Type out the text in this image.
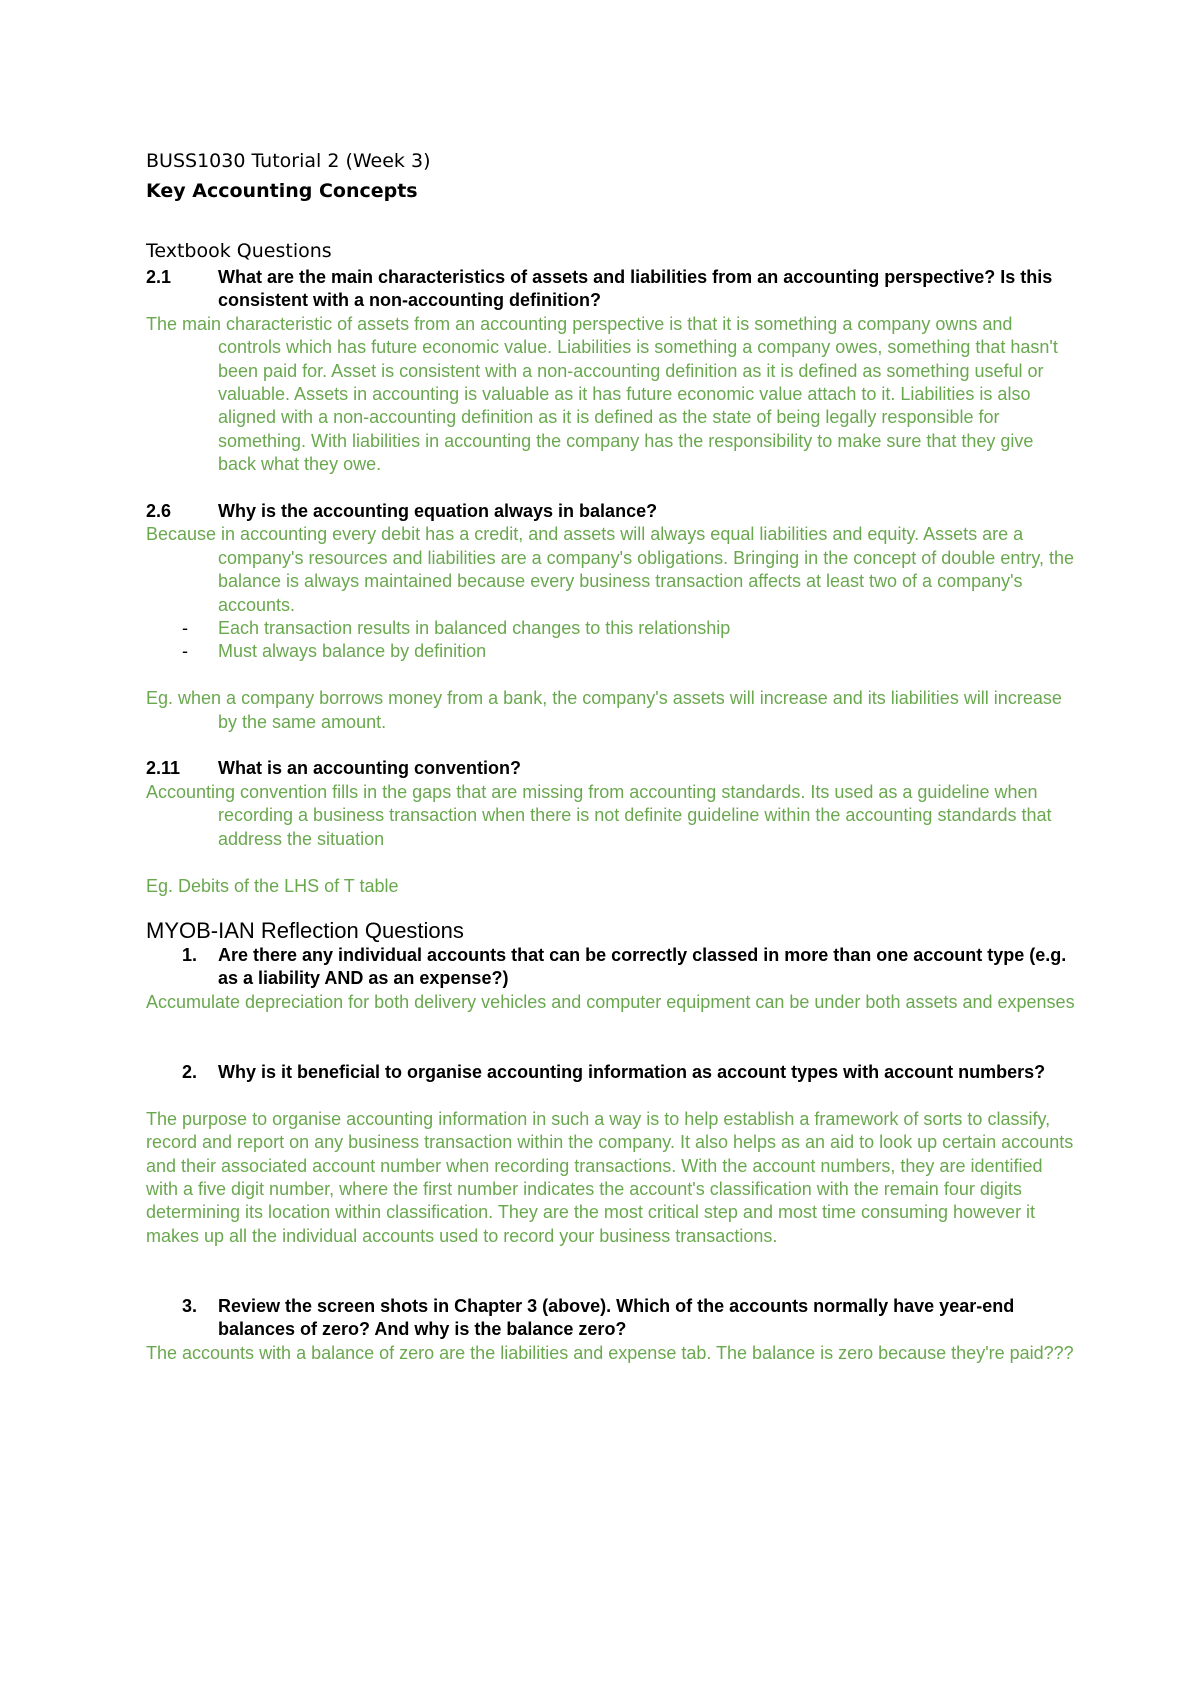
BUSS1030 Tutorial 2 (Week 3)
Key Accounting Concepts
Textbook Questions
2.1	What are the main characteristics of assets and liabilities from an accounting perspective? Is this consistent with a non-accounting definition?
The main characteristic of assets from an accounting perspective is that it is something a company owns and controls which has future economic value. Liabilities is something a company owes, something that hasn't been paid for. Asset is consistent with a non-accounting definition as it is defined as something useful or valuable. Assets in accounting is valuable as it has future economic value attach to it. Liabilities is also aligned with a non-accounting definition as it is defined as the state of being legally responsible for something. With liabilities in accounting the company has the responsibility to make sure that they give back what they owe.
2.6	Why is the accounting equation always in balance?
Because in accounting every debit has a credit, and assets will always equal liabilities and equity. Assets are a company's resources and liabilities are a company's obligations. Bringing in the concept of double entry, the balance is always maintained because every business transaction affects at least two of a company's accounts.
-	Each transaction results in balanced changes to this relationship
-	Must always balance by definition
Eg. when a company borrows money from a bank, the company's assets will increase and its liabilities will increase by the same amount.
2.11	What is an accounting convention?
Accounting convention fills in the gaps that are missing from accounting standards. Its used as a guideline when recording a business transaction when there is not definite guideline within the accounting standards that address the situation
Eg. Debits of the LHS of T table
MYOB-IAN Reflection Questions
1.	Are there any individual accounts that can be correctly classed in more than one account type (e.g. as a liability AND as an expense?)
Accumulate depreciation for both delivery vehicles and computer equipment can be under both assets and expenses
2.	Why is it beneficial to organise accounting information as account types with account numbers?
The purpose to organise accounting information in such a way is to help establish a framework of sorts to classify, record and report on any business transaction within the company. It also helps as an aid to look up certain accounts and their associated account number when recording transactions. With the account numbers, they are identified with a five digit number, where the first number indicates the account's classification with the remain four digits determining its location within classification. They are the most critical step and most time consuming however it makes up all the individual accounts used to record your business transactions.
3.	Review the screen shots in Chapter 3 (above). Which of the accounts normally have year-end balances of zero? And why is the balance zero?
The accounts with a balance of zero are the liabilities and expense tab. The balance is zero because they're paid???
